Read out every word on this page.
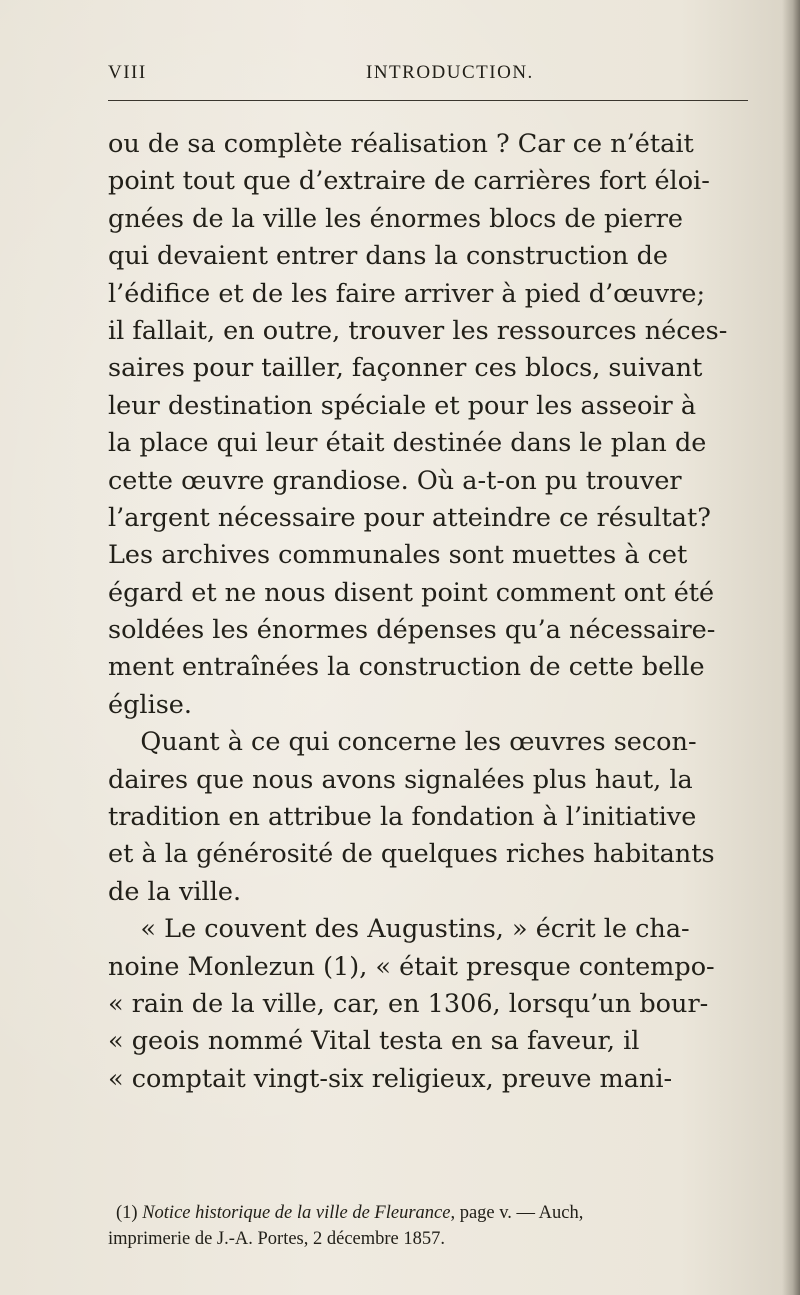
VIII	INTRODUCTION.
ou de sa complète réalisation ? Car ce n’était
point tout que d’extraire de carrières fort éloi-
gnées de la ville les énormes blocs de pierre
qui devaient entrer dans la construction de
l’édifice et de les faire arriver à pied d’œuvre;
il fallait, en outre, trouver les ressources néces-
saires pour tailler, façonner ces blocs, suivant
leur destination spéciale et pour les asseoir à
la place qui leur était destinée dans le plan de
cette œuvre grandiose. Où a-t-on pu trouver
l’argent nécessaire pour atteindre ce résultat?
Les archives communales sont muettes à cet
égard et ne nous disent point comment ont été
soldées les énormes dépenses qu’a nécessaire-
ment entraînées la construction de cette belle
église.
Quant à ce qui concerne les œuvres secon-
daires que nous avons signalées plus haut, la
tradition en attribue la fondation à l’initiative
et à la générosité de quelques riches habitants
de la ville.
« Le couvent des Augustins, » écrit le cha-
noine Monlezun (1), « était presque contempo-
« rain de la ville, car, en 1306, lorsqu’un bour-
« geois nommé Vital testa en sa faveur, il
« comptait vingt-six religieux, preuve mani-
(1) Notice historique de la ville de Fleurance, page v. — Auch,
imprimerie de J.-A. Portes, 2 décembre 1857.
